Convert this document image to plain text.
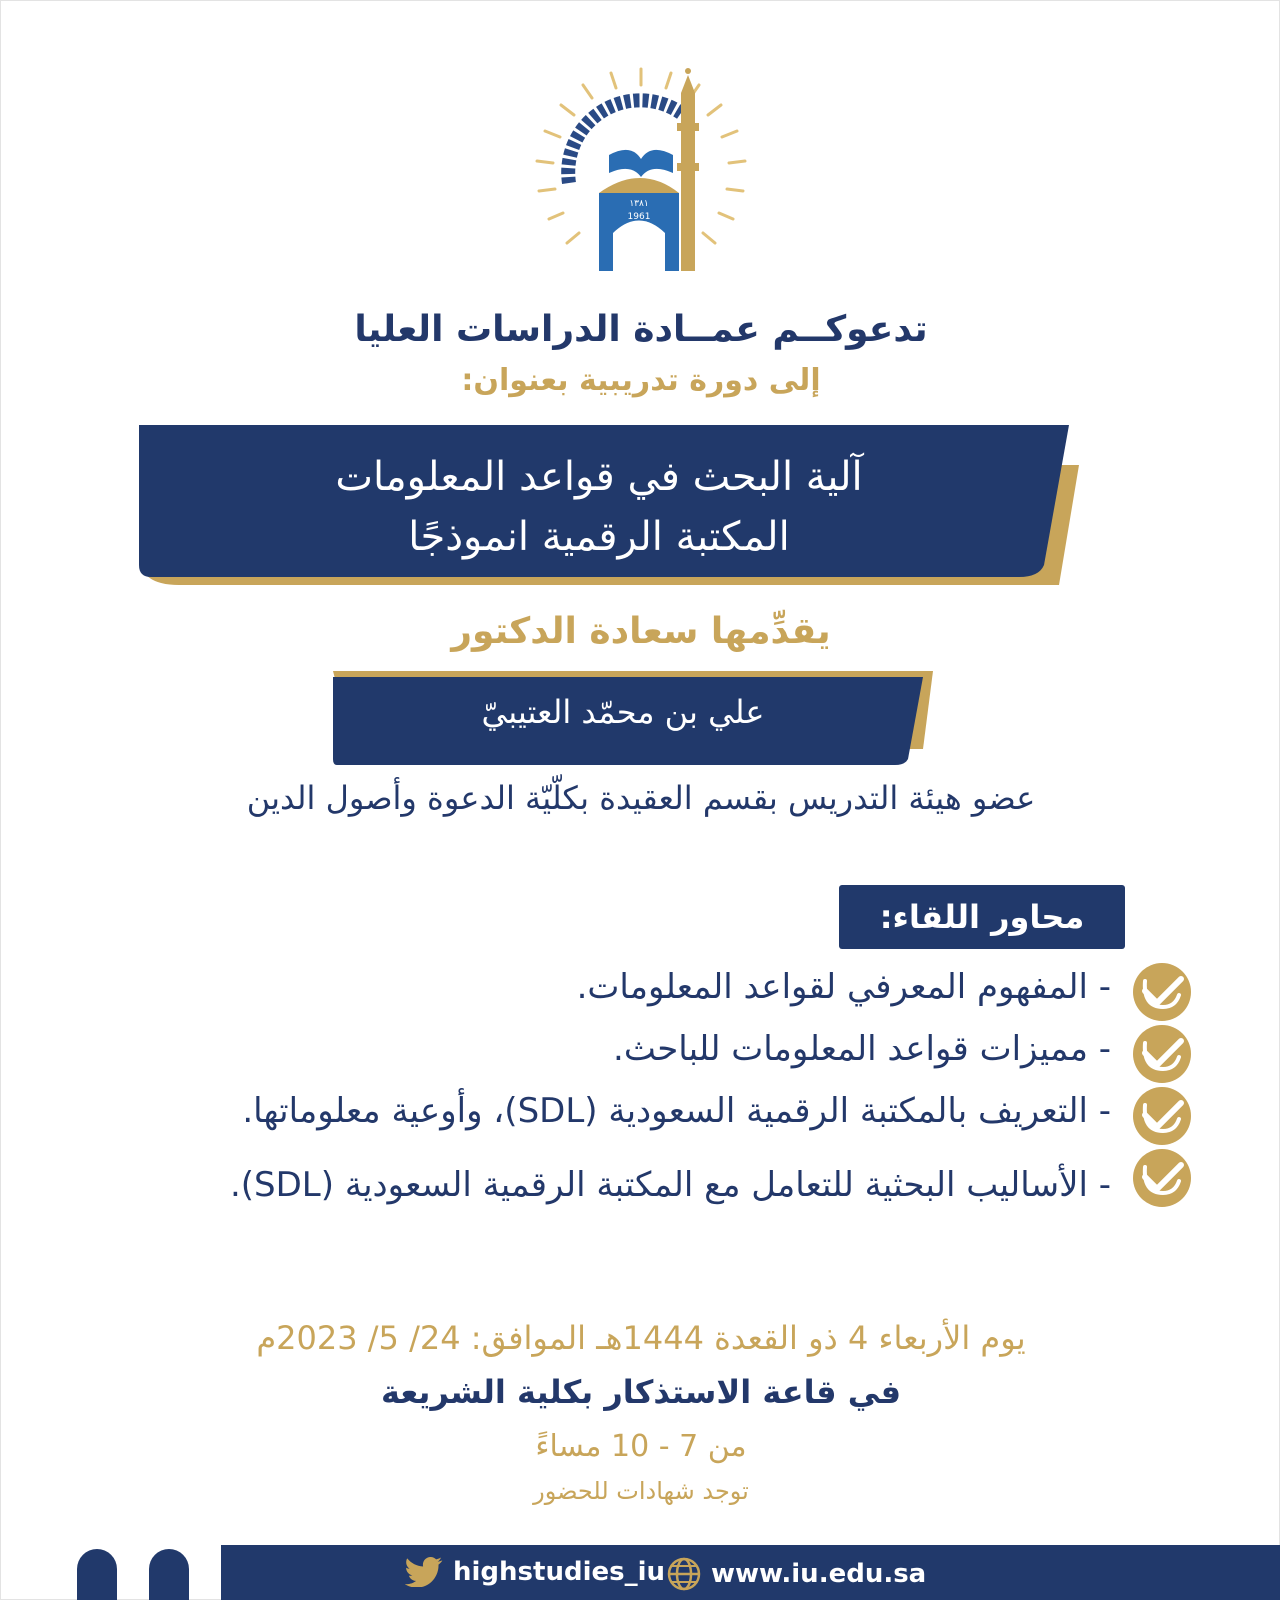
١٣٨١
1961
تدعوكــم عمــادة الدراسات العليا
إلى دورة تدريبية بعنوان:
آلية البحث في قواعد المعلومات
المكتبة الرقمية انموذجًا
يقدِّمها سعادة الدكتور
علي بن محمّد العتيبيّ
عضو هيئة التدريس بقسم العقيدة بكلّيّة الدعوة وأصول الدين
محاور اللقاء:
- المفهوم المعرفي لقواعد المعلومات.
- مميزات قواعد المعلومات للباحث.
- التعريف بالمكتبة الرقمية السعودية (SDL)، وأوعية معلوماتها.
- الأساليب البحثية للتعامل مع المكتبة الرقمية السعودية (SDL).
يوم الأربعاء 4 ذو القعدة 1444هـ الموافق: 24/ 5/ 2023م
في قاعة الاستذكار بكلية الشريعة
من 7 - 10 مساءً
توجد شهادات للحضور
highstudies_iu www.iu.edu.sa
